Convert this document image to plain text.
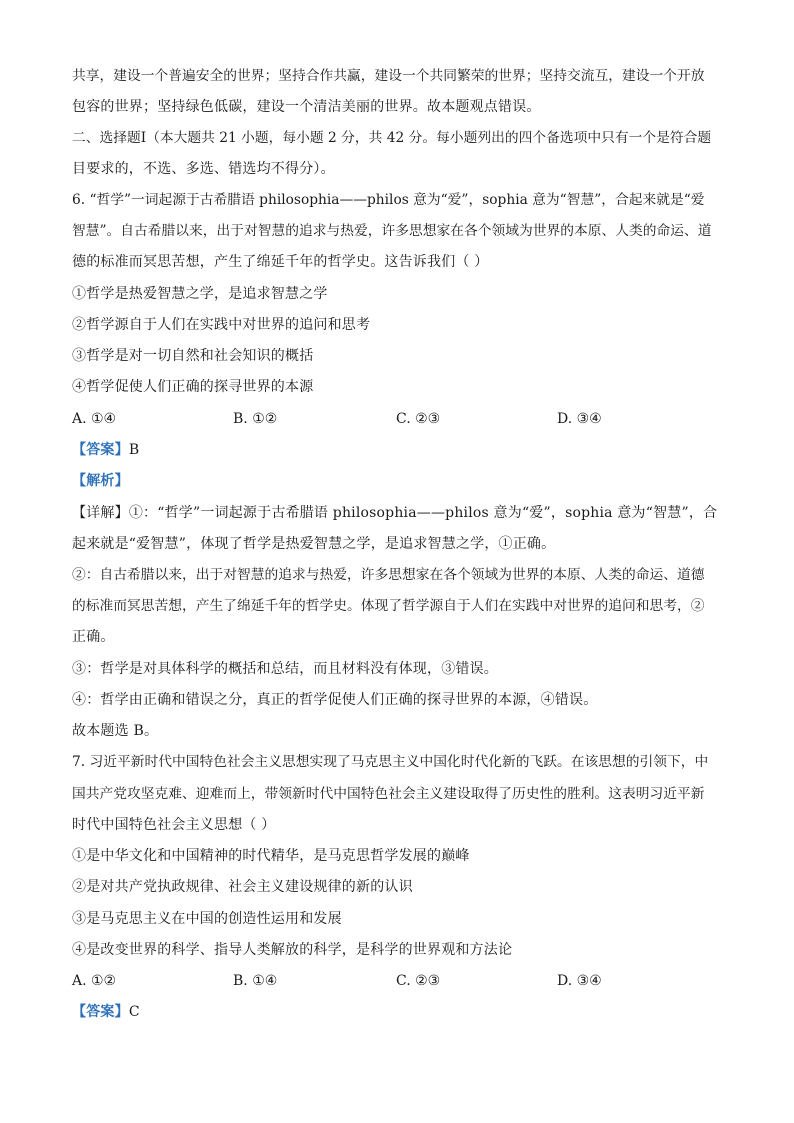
共享，建设一个普遍安全的世界；坚持合作共赢，建设一个共同繁荣的世界；坚持交流互，建设一个开放
包容的世界；坚持绿色低碳，建设一个清洁美丽的世界。故本题观点错误。
二、选择题Ⅰ（本大题共 21 小题，每小题 2 分，共 42 分。每小题列出的四个备选项中只有一个是符合题
目要求的，不选、多选、错选均不得分）。
6. “哲学”一词起源于古希腊语 philosophia——philos 意为“爱”，sophia 意为“智慧”，合起来就是“爱
智慧”。自古希腊以来，出于对智慧的追求与热爱，许多思想家在各个领域为世界的本原、人类的命运、道
德的标准而冥思苦想，产生了绵延千年的哲学史。这告诉我们（ ）
①哲学是热爱智慧之学，是追求智慧之学
②哲学源自于人们在实践中对世界的追问和思考
③哲学是对一切自然和社会知识的概括
④哲学促使人们正确的探寻世界的本源
A. ①④	B. ①②	C. ②③	D. ③④
【答案】B
【解析】
【详解】①：“哲学”一词起源于古希腊语 philosophia——philos 意为“爱”，sophia 意为“智慧”，合
起来就是“爱智慧”，体现了哲学是热爱智慧之学，是追求智慧之学，①正确。
②：自古希腊以来，出于对智慧的追求与热爱，许多思想家在各个领域为世界的本原、人类的命运、道德
的标准而冥思苦想，产生了绵延千年的哲学史。体现了哲学源自于人们在实践中对世界的追问和思考，②
正确。
③：哲学是对具体科学的概括和总结，而且材料没有体现，③错误。
④：哲学由正确和错误之分，真正的哲学促使人们正确的探寻世界的本源，④错误。
故本题选 B。
7. 习近平新时代中国特色社会主义思想实现了马克思主义中国化时代化新的飞跃。在该思想的引领下，中
国共产党攻坚克难、迎难而上，带领新时代中国特色社会主义建设取得了历史性的胜利。这表明习近平新
时代中国特色社会主义思想（ ）
①是中华文化和中国精神的时代精华，是马克思哲学发展的巅峰
②是对共产党执政规律、社会主义建设规律的新的认识
③是马克思主义在中国的创造性运用和发展
④是改变世界的科学、指导人类解放的科学，是科学的世界观和方法论
A. ①②	B. ①④	C. ②③	D. ③④
【答案】C
